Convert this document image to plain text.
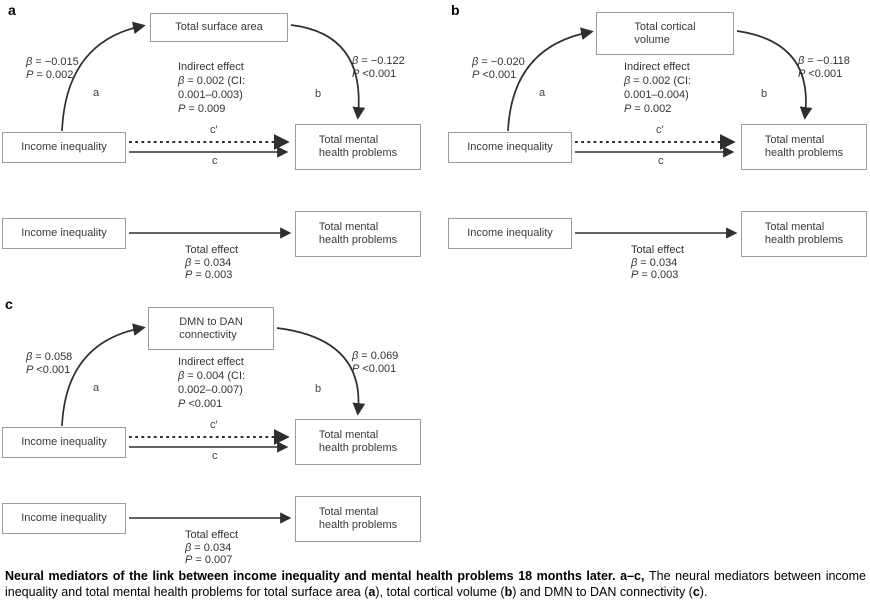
a	b
c
Total surface area
Income inequality
Total mental
health problems
β = −0.015
P = 0.002
β = −0.122
P <0.001
Indirect effect
β = 0.002 (CI:
0.001–0.003)
P = 0.009
a	b
c′
c
Income inequality	Total mental
health problems
Total effect
β = 0.034
P = 0.003
Total cortical
volume
Income inequality
Total mental
health problems
β = −0.020
P <0.001
β = −0.118
P <0.001
Indirect effect
β = 0.002 (CI:
0.001–0.004)
P = 0.002
a	b
c′
c
Income inequality	Total mental
health problems
Total effect
β = 0.034
P = 0.003
DMN to DAN
connectivity
Income inequality
Total mental
health problems
β = 0.058
P <0.001
β = 0.069
P <0.001
Indirect effect
β = 0.004 (CI:
0.002–0.007)
P <0.001
a	b
c′
c
Income inequality	Total mental
health problems
Total effect
β = 0.034
P = 0.007

Neural mediators of the link between income inequality and mental health problems 18 months later. a–c, The neural mediators between income inequality and total mental health problems for total surface area (a), total cortical volume (b) and DMN to DAN connectivity (c).
